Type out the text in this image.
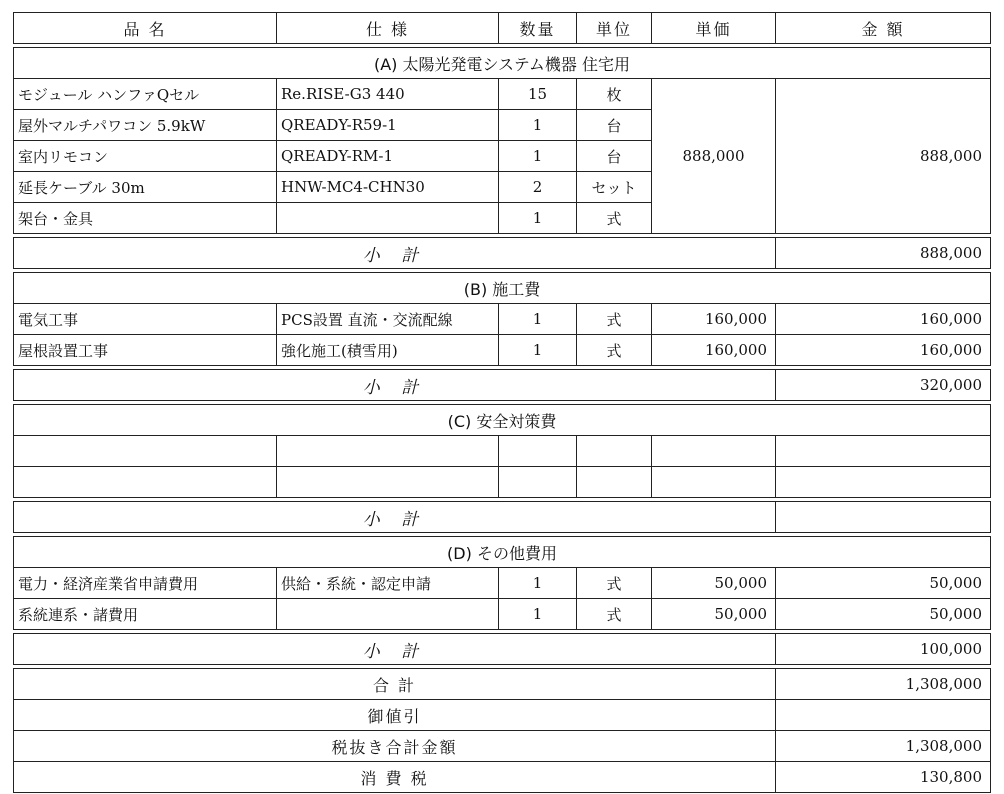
品 名	仕 様	数量	単位	単価	金 額

(A) 太陽光発電システム機器 住宅用					
モジュール ハンファQセル	Re.RISE-G3 440	15	枚	888,000	888,000
屋外マルチパワコン 5.9kW	QREADY-R59-1	1	台		
室内リモコン	QREADY-RM-1	1	台		
延長ケーブル 30m	HNW-MC4-CHN30	2	セット		
架台・金具		1	式		

小 計					888,000

(B) 施工費					
電気工事	PCS設置 直流・交流配線	1	式	160,000	160,000
屋根設置工事	強化施工(積雪用)	1	式	160,000	160,000

小 計					320,000

(C) 安全対策費					

小 計					

(D) その他費用					
電力・経済産業省申請費用	供給・系統・認定申請	1	式	50,000	50,000
系統連系・諸費用		1	式	50,000	50,000

小 計					100,000

合 計					1,308,000
御値引					
税抜き合計金額					1,308,000
消 費 税					130,800
